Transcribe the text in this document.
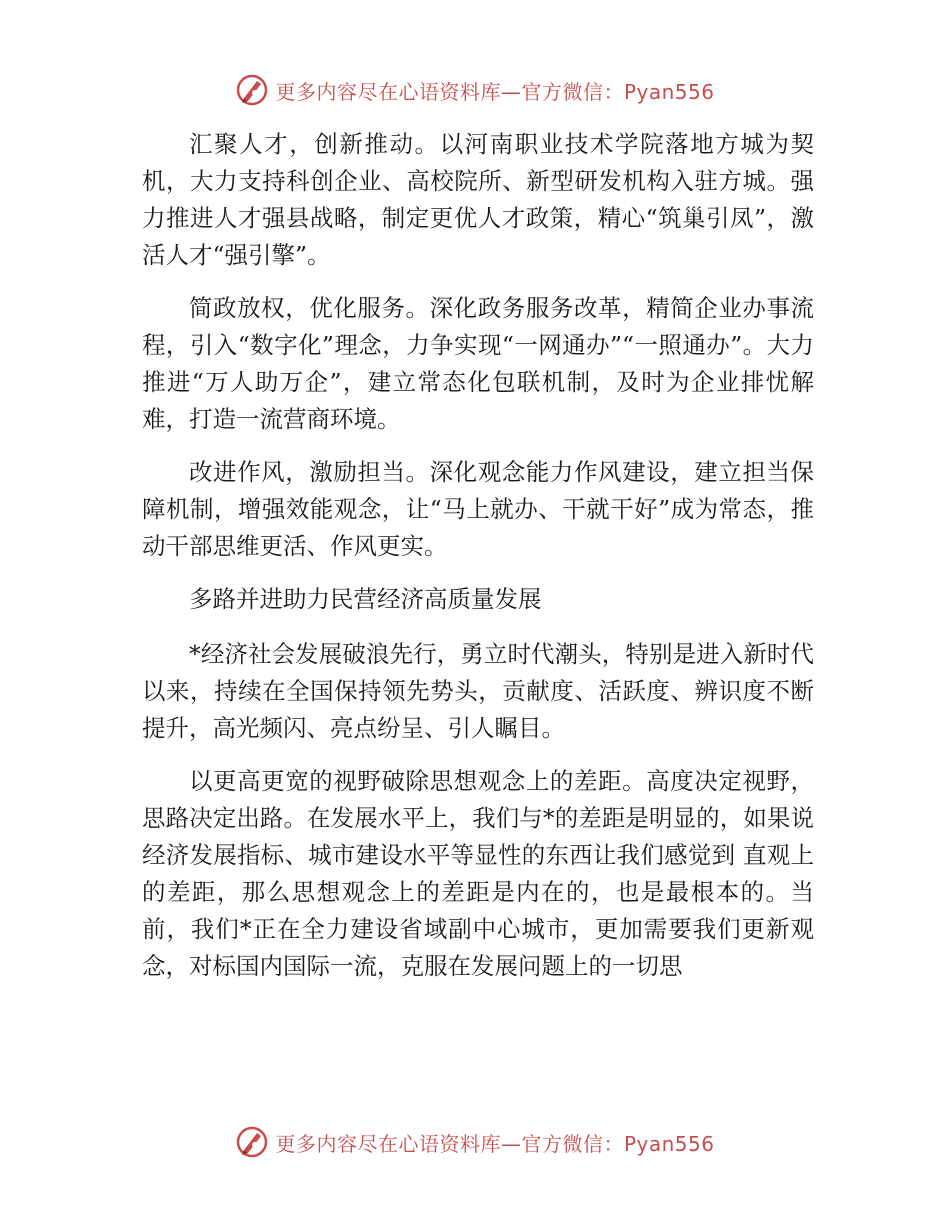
更多内容尽在心语资料库—官方微信：Pyan556

汇聚人才，创新推动。以河南职业技术学院落地方城为契机，大力支持科创企业、高校院所、新型研发机构入驻方城。强力推进人才强县战略，制定更优人才政策，精心“筑巢引凤”，激活人才“强引擎”。

简政放权，优化服务。深化政务服务改革，精简企业办事流程，引入“数字化”理念，力争实现“一网通办”“一照通办”。大力推进“万人助万企”，建立常态化包联机制，及时为企业排忧解难，打造一流营商环境。

改进作风，激励担当。深化观念能力作风建设，建立担当保障机制，增强效能观念，让“马上就办、干就干好”成为常态，推动干部思维更活、作风更实。

多路并进助力民营经济高质量发展

*经济社会发展破浪先行，勇立时代潮头，特别是进入新时代以来，持续在全国保持领先势头，贡献度、活跃度、辨识度不断提升，高光频闪、亮点纷呈、引人瞩目。

以更高更宽的视野破除思想观念上的差距。高度决定视野，思路决定出路。在发展水平上，我们与*的差距是明显的，如果说经济发展指标、城市建设水平等显性的东西让我们感觉到 直观上的差距，那么思想观念上的差距是内在的，也是最根本的。当前，我们*正在全力建设省域副中心城市，更加需要我们更新观念，对标国内国际一流，克服在发展问题上的一切思

更多内容尽在心语资料库—官方微信：Pyan556
